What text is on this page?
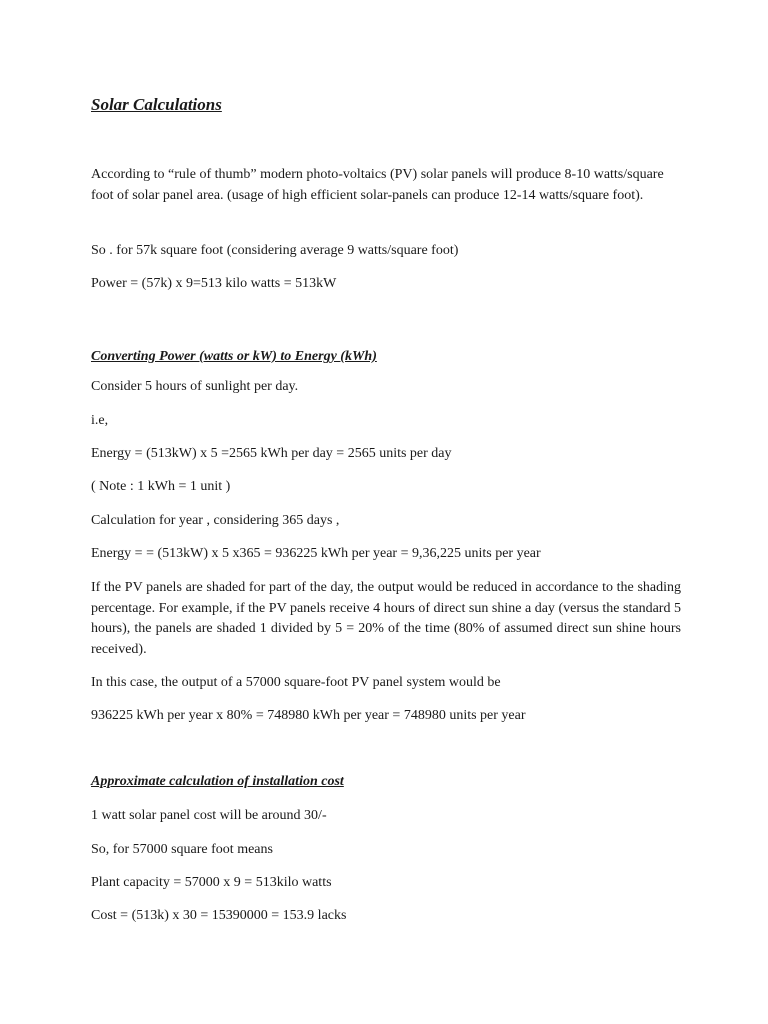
Solar Calculations

According to “rule of thumb” modern photo-voltaics (PV) solar panels will produce 8-10 watts/square foot of solar panel area. (usage of high efficient solar-panels can produce 12-14 watts/square foot).

So . for 57k square foot (considering average 9 watts/square foot)

Power = (57k) x 9=513 kilo watts = 513kW

Converting Power (watts or kW) to Energy (kWh)

Consider 5 hours of sunlight per day.

i.e,

Energy = (513kW) x 5 =2565 kWh per day = 2565 units per day

( Note : 1 kWh = 1 unit )

Calculation for year , considering 365 days ,

Energy = = (513kW) x 5 x365 = 936225 kWh per year = 9,36,225 units per year

If the PV panels are shaded for part of the day, the output would be reduced in accordance to the shading percentage. For example, if the PV panels receive 4 hours of direct sun shine a day (versus the standard 5 hours), the panels are shaded 1 divided by 5 = 20% of the time (80% of assumed direct sun shine hours received).

In this case, the output of a 57000 square-foot PV panel system would be

936225 kWh per year x 80% = 748980 kWh per year = 748980 units per year

Approximate calculation of installation cost

1 watt solar panel cost will be around 30/-

So, for 57000 square foot means

Plant capacity = 57000 x 9 = 513kilo watts

Cost = (513k) x 30 = 15390000 = 153.9 lacks
